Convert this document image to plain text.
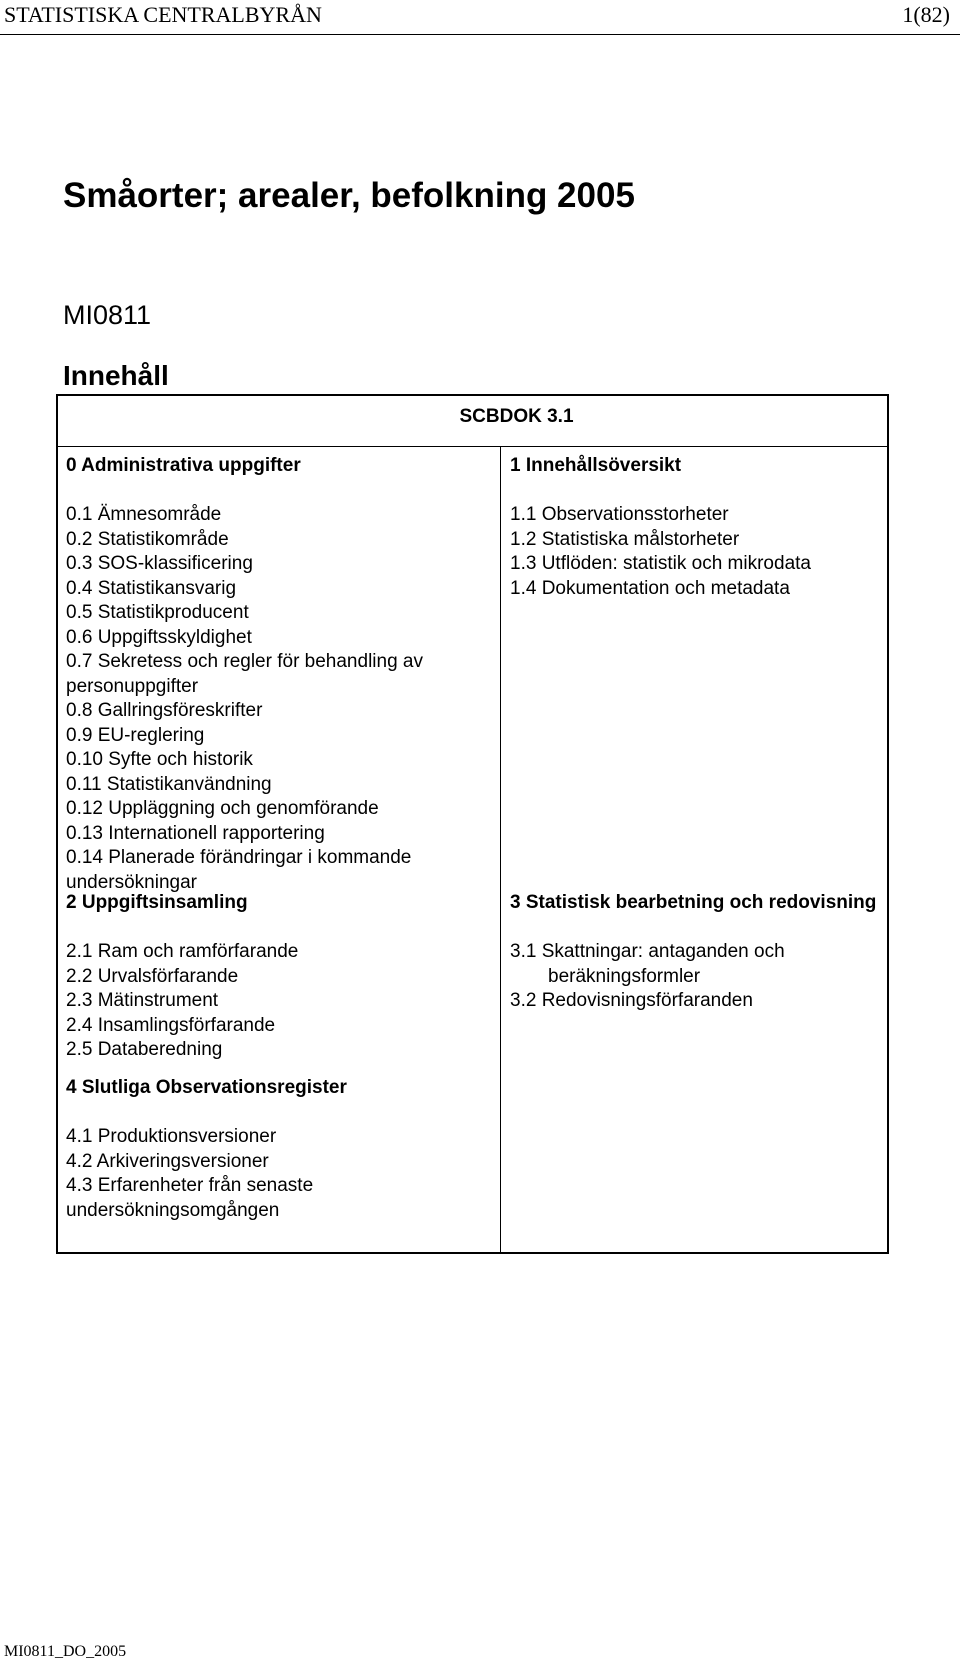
STATISTISKA CENTRALBYRÅN	1(82)
Småorter; arealer, befolkning 2005

MI0811

Innehåll
SCBDOK 3.1
0 Administrativa uppgifter
0.1 Ämnesområde
0.2 Statistikområde
0.3 SOS-klassificering
0.4 Statistikansvarig
0.5 Statistikproducent
0.6 Uppgiftsskyldighet
0.7 Sekretess och regler för behandling av personuppgifter
0.8 Gallringsföreskrifter
0.9 EU-reglering
0.10 Syfte och historik
0.11 Statistikanvändning
0.12 Uppläggning och genomförande
0.13 Internationell rapportering
0.14 Planerade förändringar i kommande undersökningar
1 Innehållsöversikt
1.1 Observationsstorheter
1.2 Statistiska målstorheter
1.3 Utflöden: statistik och mikrodata
1.4 Dokumentation och metadata
2 Uppgiftsinsamling
2.1 Ram och ramförfarande
2.2 Urvalsförfarande
2.3 Mätinstrument
2.4 Insamlingsförfarande
2.5 Databeredning
3 Statistisk bearbetning och redovisning
3.1 Skattningar: antaganden och beräkningsformler
3.2 Redovisningsförfaranden
4 Slutliga Observationsregister
4.1 Produktionsversioner
4.2 Arkiveringsversioner
4.3 Erfarenheter från senaste undersökningsomgången
MI0811_DO_2005
